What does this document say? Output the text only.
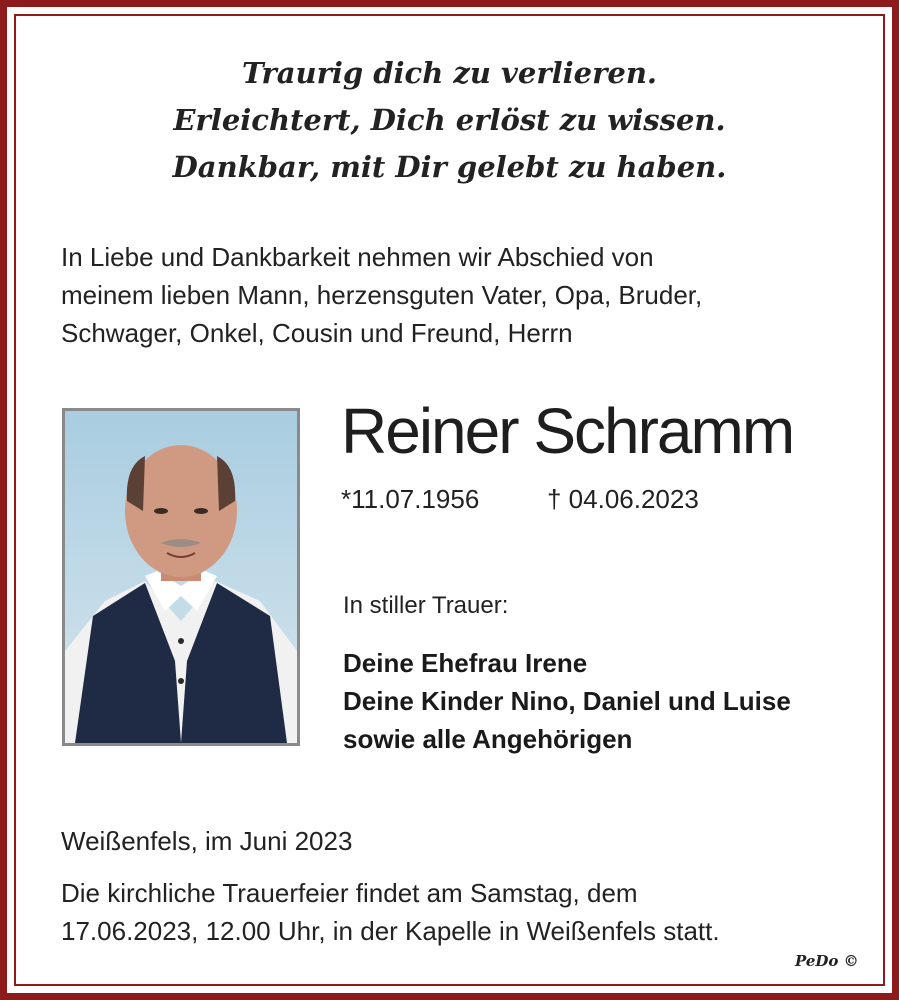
Traurig dich zu verlieren.
Erleichtert, Dich erlöst zu wissen.
Dankbar, mit Dir gelebt zu haben.
In Liebe und Dankbarkeit nehmen wir Abschied von
meinem lieben Mann, herzensguten Vater, Opa, Bruder,
Schwager, Onkel, Cousin und Freund, Herrn
Reiner Schramm
*11.07.1956	† 04.06.2023
In stiller Trauer:
Deine Ehefrau Irene
Deine Kinder Nino, Daniel und Luise
sowie alle Angehörigen
Weißenfels, im Juni 2023
Die kirchliche Trauerfeier findet am Samstag, dem
17.06.2023, 12.00 Uhr, in der Kapelle in Weißenfels statt.
PeDo ©
